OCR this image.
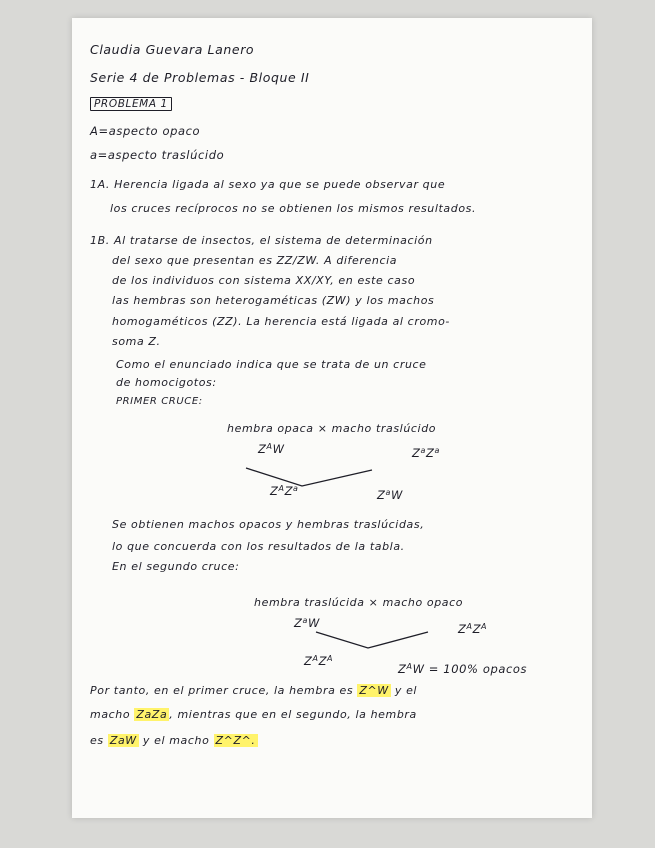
Claudia Guevara Lanero

Serie 4 de Problemas - Bloque II

PROBLEMA 1

A=aspecto opaco

a=aspecto traslúcido

1A. Herencia ligada al sexo ya que se puede observar que

los cruces recíprocos no se obtienen los mismos resultados.

1B. Al tratarse de insectos, el sistema de determinación

del sexo que presentan es ZZ/ZW. A diferencia

de los individuos con sistema XX/XY, en este caso

las hembras son heterogaméticas (ZW) y los machos

homogaméticos (ZZ). La herencia está ligada al cromo-

soma Z.

Como el enunciado indica que se trata de un cruce

de homocigotos:

PRIMER CRUCE:

hembra opaca × macho traslúcido

$Z^AW$	$Z^aZ^a$

$Z^AZ^a$	$Z^aW$

Se obtienen machos opacos y hembras traslúcidas,

lo que concuerda con los resultados de la tabla.

En el segundo cruce:

hembra traslúcida × macho opaco

$Z^aW$	$Z^AZ^A$

$Z^AZ^A$

$Z^AW = 100\%$ opacos

Por tanto, en el primer cruce, la hembra es Z^W y el

macho ZaZa , mientras que en el segundo, la hembra

es ZaW y el macho Z^Z^.
